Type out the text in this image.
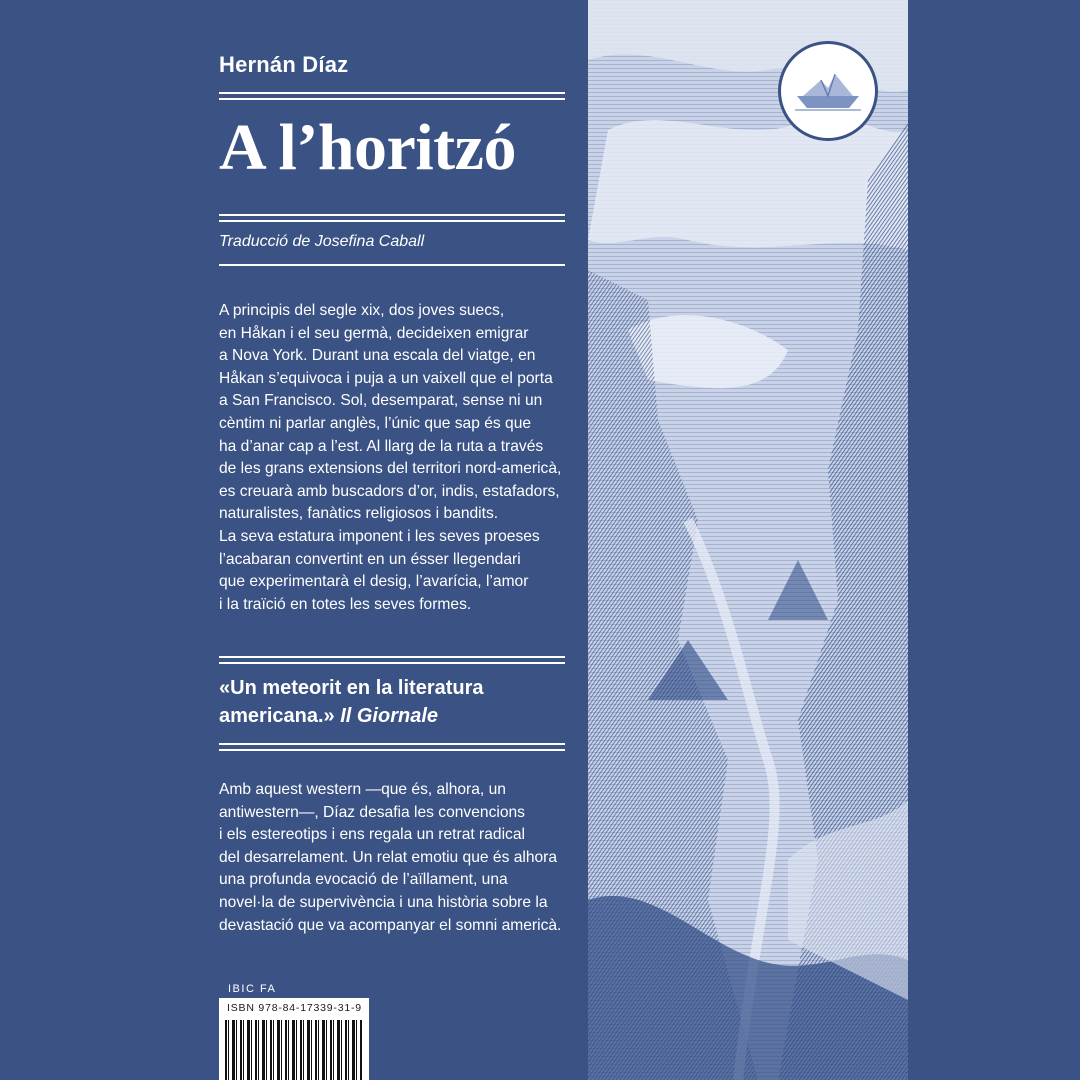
Hernán Díaz
A l’horitzó
Traducció de Josefina Caball
A principis del segle xix, dos joves suecs,
en Håkan i el seu germà, decideixen emigrar
a Nova York. Durant una escala del viatge, en
Håkan s’equivoca i puja a un vaixell que el porta
a San Francisco. Sol, desemparat, sense ni un
cèntim ni parlar anglès, l’únic que sap és que
ha d’anar cap a l’est. Al llarg de la ruta a través
de les grans extensions del territori nord-americà,
es creuarà amb buscadors d’or, indis, estafadors,
naturalistes, fanàtics religiosos i bandits.
La seva estatura imponent i les seves proeses
l’acabaran convertint en un ésser llegendari
que experimentarà el desig, l’avarícia, l’amor
i la traïció en totes les seves formes.
«Un meteorit en la literatura americana.» Il Giornale
Amb aquest western —que és, alhora, un
antiwestern—, Díaz desafia les convencions
i els estereotips i ens regala un retrat radical
del desarrelament. Un relat emotiu que és alhora
una profunda evocació de l’aïllament, una
novel·la de supervivència i una història sobre la
devastació que va acompanyar el somni americà.
IBIC FA
ISBN 978-84-17339-31-9
